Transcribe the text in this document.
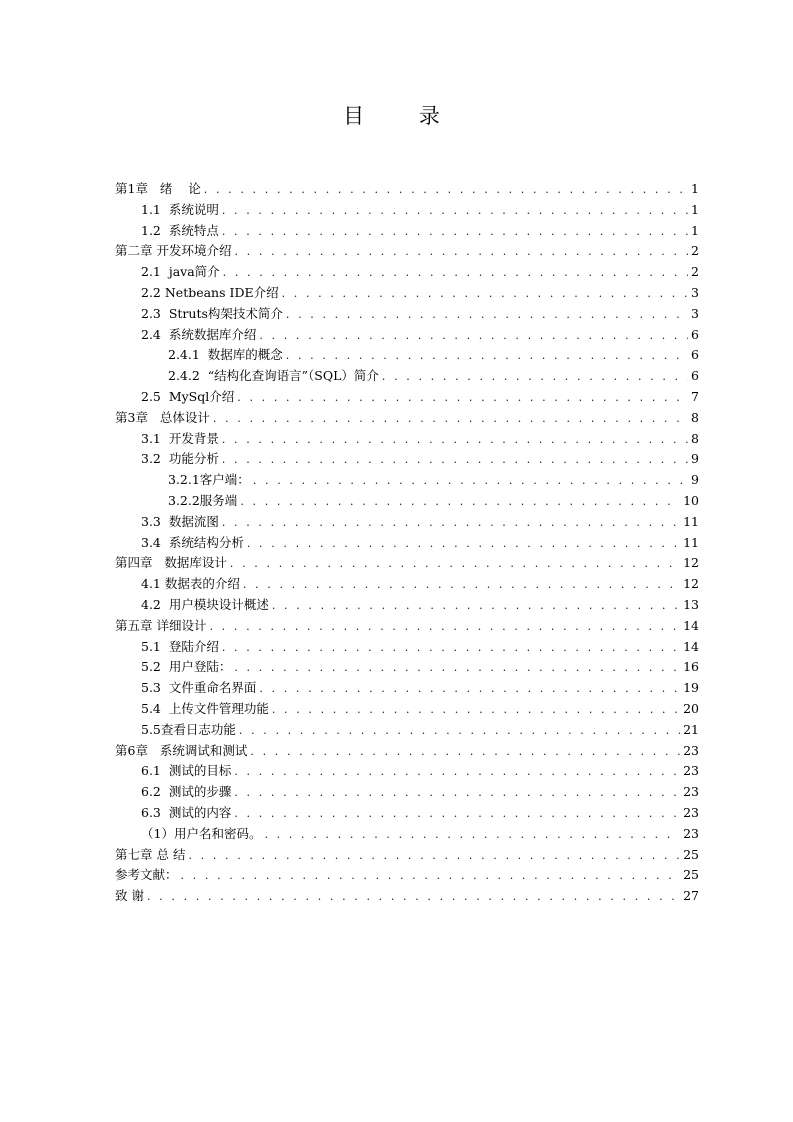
目 录
第1章   绪    论 . . .	1
1.1  系统说明 . . .	1
1.2  系统特点 . . .	1
第二章 开发环境介绍 . . .	2
2.1  java简介 . . .	2
2.2 Netbeans IDE介绍 . . .	3
2.3  Struts构架技术简介 . . .	3
2.4  系统数据库介绍 . . .	6
2.4.1  数据库的概念 . . .	6
2.4.2  “结构化查询语言”（SQL）简介 . . .	6
2.5  MySql介绍 . . .	7
第3章   总体设计 . . .	8
3.1  开发背景 . . .	8
3.2  功能分析 . . .	9
3.2.1客户端： . . .	9
3.2.2服务端 . . .	10
3.3  数据流图 . . .	11
3.4  系统结构分析 . . .	11
第四章   数据库设计 . . .	12
4.1 数据表的介绍 . . .	12
4.2  用户模块设计概述 . . .	13
第五章 详细设计 . . .	14
5.1  登陆介绍 . . .	14
5.2  用户登陆： . . .	16
5.3  文件重命名界面 . . .	19
5.4  上传文件管理功能 . . .	20
5.5查看日志功能 . . .	21
第6章   系统调试和测试 . . .	23
6.1  测试的目标 . . .	23
6.2  测试的步骤 . . .	23
6.3  测试的内容 . . .	23
（1）用户名和密码。 . . .	23
第七章 总 结 . . .	25
参考文献： . . .	25
致 谢 . . .	27
